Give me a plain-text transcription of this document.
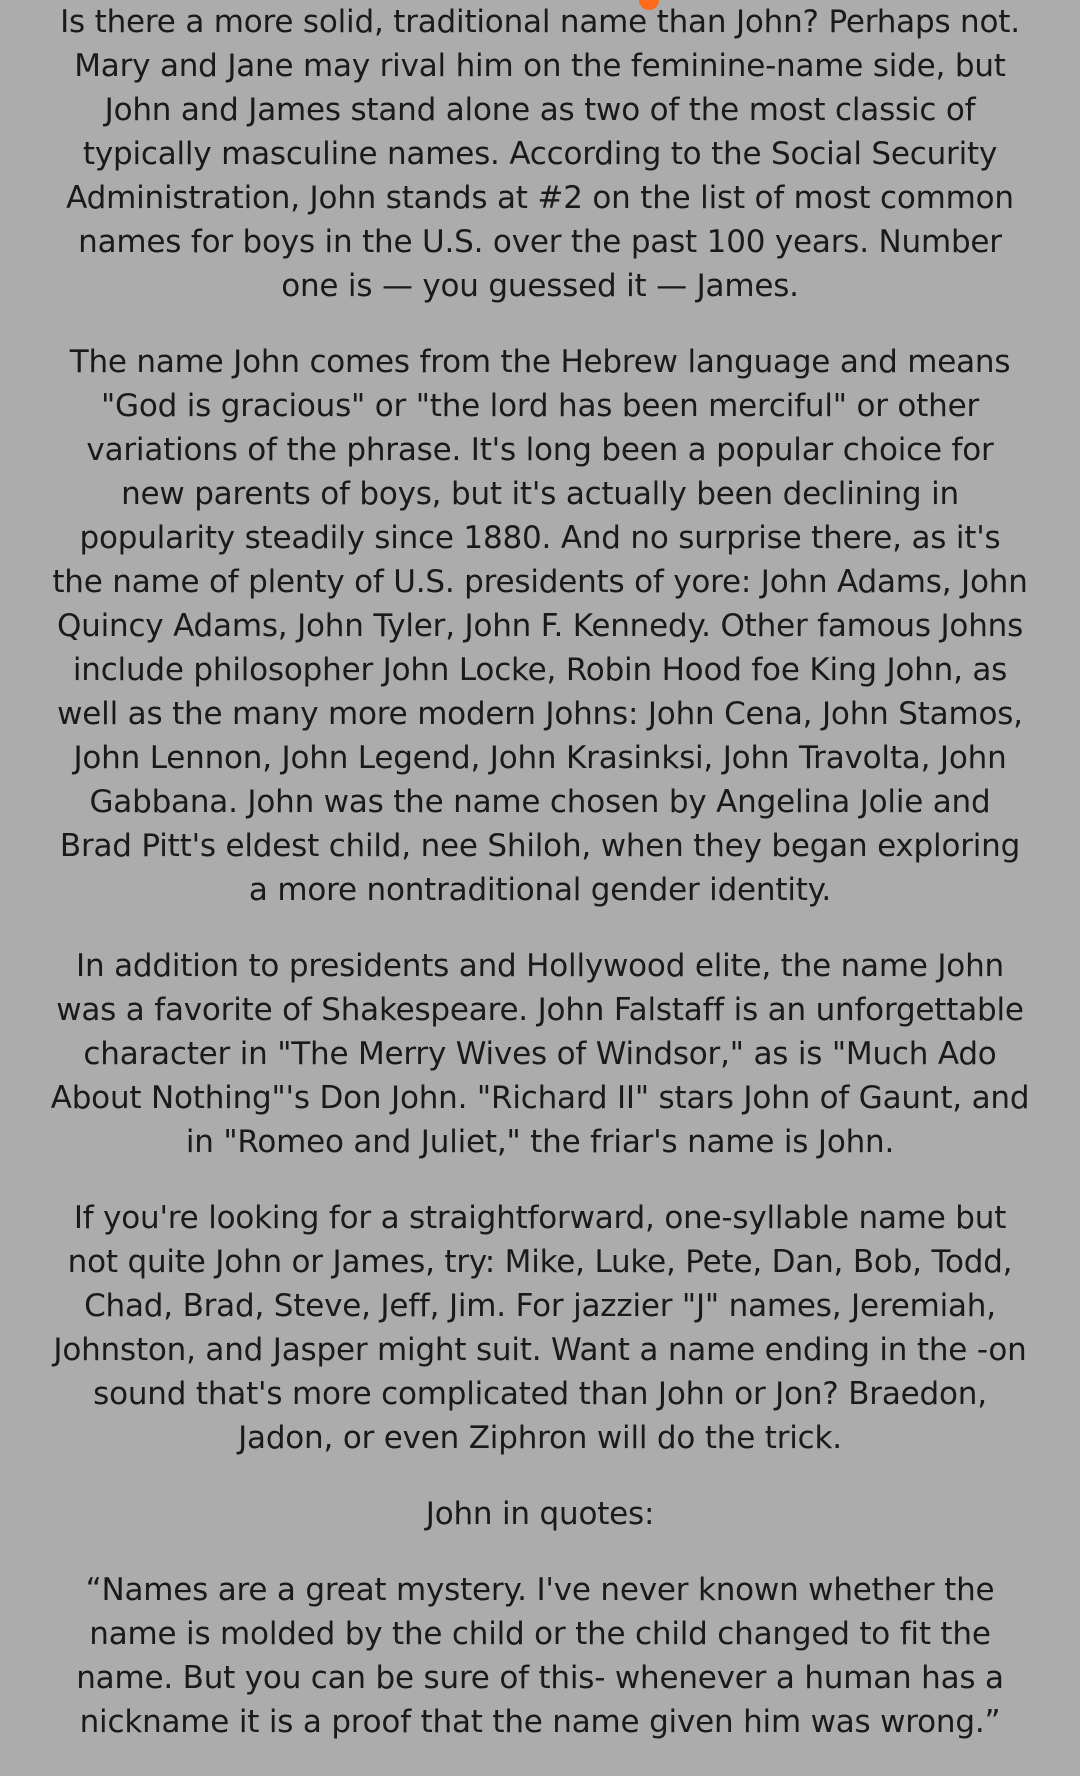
Is there a more solid, traditional name than John? Perhaps not. Mary and Jane may rival him on the feminine-name side, but John and James stand alone as two of the most classic of typically masculine names. According to the Social Security Administration, John stands at #2 on the list of most common names for boys in the U.S. over the past 100 years. Number one is — you guessed it — James.

The name John comes from the Hebrew language and means "God is gracious" or "the lord has been merciful" or other variations of the phrase. It's long been a popular choice for new parents of boys, but it's actually been declining in popularity steadily since 1880. And no surprise there, as it's the name of plenty of U.S. presidents of yore: John Adams, John Quincy Adams, John Tyler, John F. Kennedy. Other famous Johns include philosopher John Locke, Robin Hood foe King John, as well as the many more modern Johns: John Cena, John Stamos, John Lennon, John Legend, John Krasinksi, John Travolta, John Gabbana. John was the name chosen by Angelina Jolie and Brad Pitt's eldest child, nee Shiloh, when they began exploring a more nontraditional gender identity.

In addition to presidents and Hollywood elite, the name John was a favorite of Shakespeare. John Falstaff is an unforgettable character in "The Merry Wives of Windsor," as is "Much Ado About Nothing"'s Don John. "Richard II" stars John of Gaunt, and in "Romeo and Juliet," the friar's name is John.

If you're looking for a straightforward, one-syllable name but not quite John or James, try: Mike, Luke, Pete, Dan, Bob, Todd, Chad, Brad, Steve, Jeff, Jim. For jazzier "J" names, Jeremiah, Johnston, and Jasper might suit. Want a name ending in the -on sound that's more complicated than John or Jon? Braedon, Jadon, or even Ziphron will do the trick.

John in quotes:

“Names are a great mystery. I've never known whether the name is molded by the child or the child changed to fit the name. But you can be sure of this- whenever a human has a nickname it is a proof that the name given him was wrong.”
